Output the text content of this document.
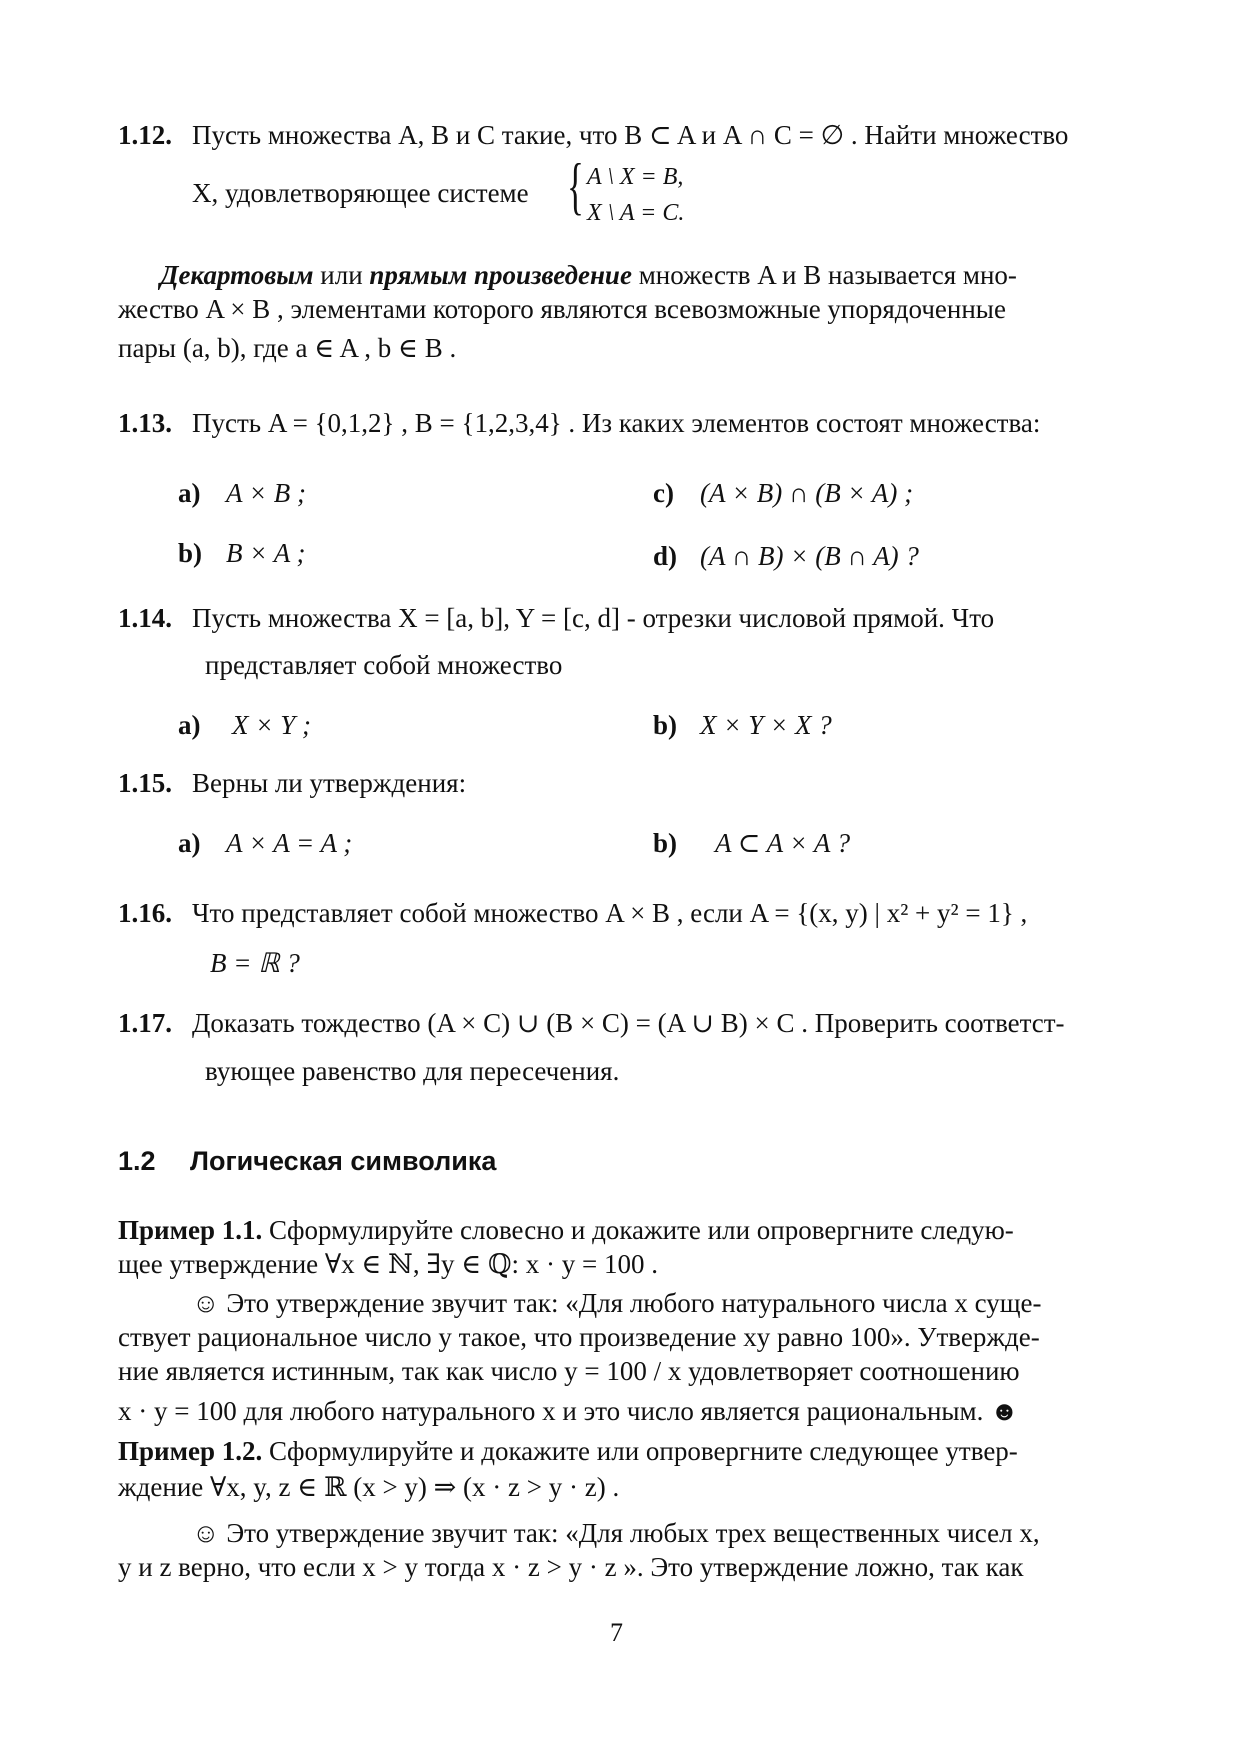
1.12. Пусть множества A, B и C такие, что B ⊂ A и A ∩ C = ∅ . Найти множество
X, удовлетворяющее системе { A \ X = B,
X \ A = C.
Декартовым или прямым произведение множеств A и B называется мно-
жество A × B , элементами которого являются всевозможные упорядоченные
пары (a, b), где a ∈ A , b ∈ B .
1.13. Пусть A = {0,1,2} , B = {1,2,3,4} . Из каких элементов состоят множества:
a) A × B ;	c) (A × B) ∩ (B × A) ;
b) B × A ;	d) (A ∩ B) × (B ∩ A) ?
1.14. Пусть множества X = [a, b], Y = [c, d] - отрезки числовой прямой. Что
представляет собой множество
a) X × Y ;	b) X × Y × X ?
1.15. Верны ли утверждения:
a) A × A = A ;	b) A ⊂ A × A ?
1.16. Что представляет собой множество A × B , если A = {(x, y) | x² + y² = 1} ,
B = ℝ ?
1.17. Доказать тождество (A × C) ∪ (B × C) = (A ∪ B) × C . Проверить соответст-
вующее равенство для пересечения.
1.2 Логическая символика
Пример 1.1. Сформулируйте словесно и докажите или опровергните следую-
щее утверждение ∀x ∈ ℕ, ∃y ∈ ℚ: x · y = 100 .
☺ Это утверждение звучит так: «Для любого натурального числа x суще-
ствует рациональное число y такое, что произведение xy равно 100». Утвержде-
ние является истинным, так как число y = 100 / x удовлетворяет соотношению
x · y = 100 для любого натурального x и это число является рациональным. ☻
Пример 1.2. Сформулируйте и докажите или опровергните следующее утвер-
ждение ∀x, y, z ∈ ℝ (x > y) ⇒ (x · z > y · z) .
☺ Это утверждение звучит так: «Для любых трех вещественных чисел x,
y и z верно, что если x > y тогда x · z > y · z ». Это утверждение ложно, так как
7
